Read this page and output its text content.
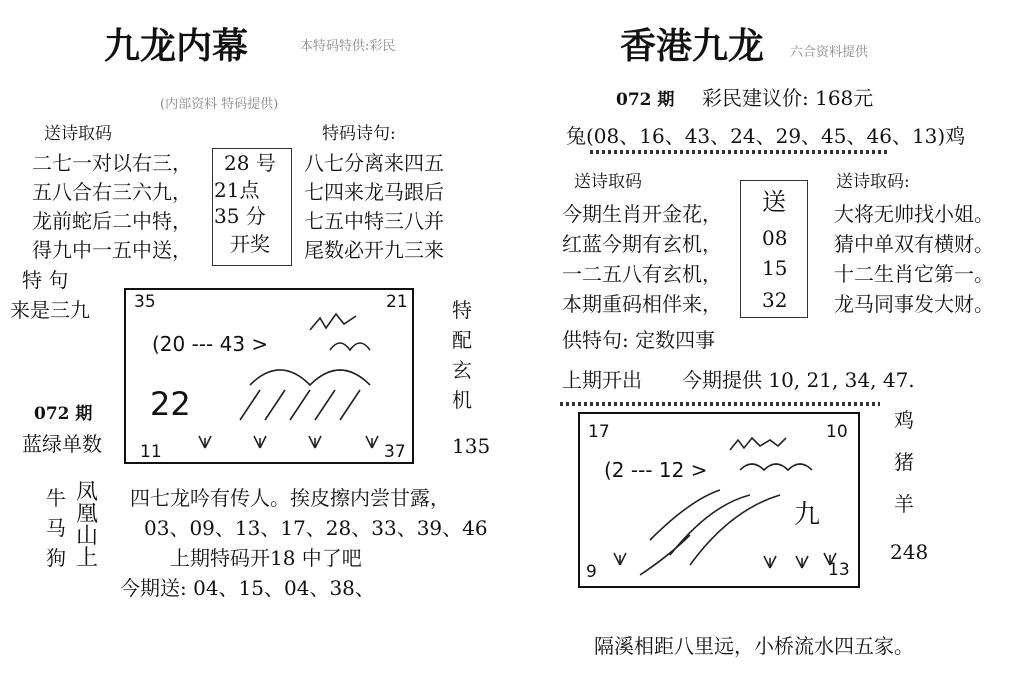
九龙内幕	本特码特供:彩民
(内部资料 特码提供)
送诗取码	特码诗句:
二七一对以右三，
五八合右三六九，
龙前蛇后二中特，
得九中一五中送，
28 号
21点
35 分
开奖
八七分离来四五
七四来龙马跟后
七五中特三八并
尾数必开九三来
特 句
来是三九
072 期
蓝绿单数
35	21
(20 --- 43 >
22
11	37
特
配
玄
机
135
牛
马
狗
凤
凰
山
上
四七龙吟有传人。挨皮擦内尝甘露，
03、09、13、17、28、33、39、46
上期特码开18 中了吧
今期送: 04、15、04、38、
香港九龙 六合资料提供
072 期 彩民建议价: 168元
兔(08、16、43、24、29、45、46、13)鸡
送诗取码	送诗取码:
今期生肖开金花，
红蓝今期有玄机，
一二五八有玄机，
本期重码相伴来，
送
08
15
32
大将无帅找小姐。
猜中单双有横财。
十二生肖它第一。
龙马同事发大财。
供特句: 定数四事
上期开出 今期提供 10, 21, 34, 47.
17	10
(2 --- 12 >
九
9	13
鸡
猪
羊
248
隔溪相距八里远，小桥流水四五家。
